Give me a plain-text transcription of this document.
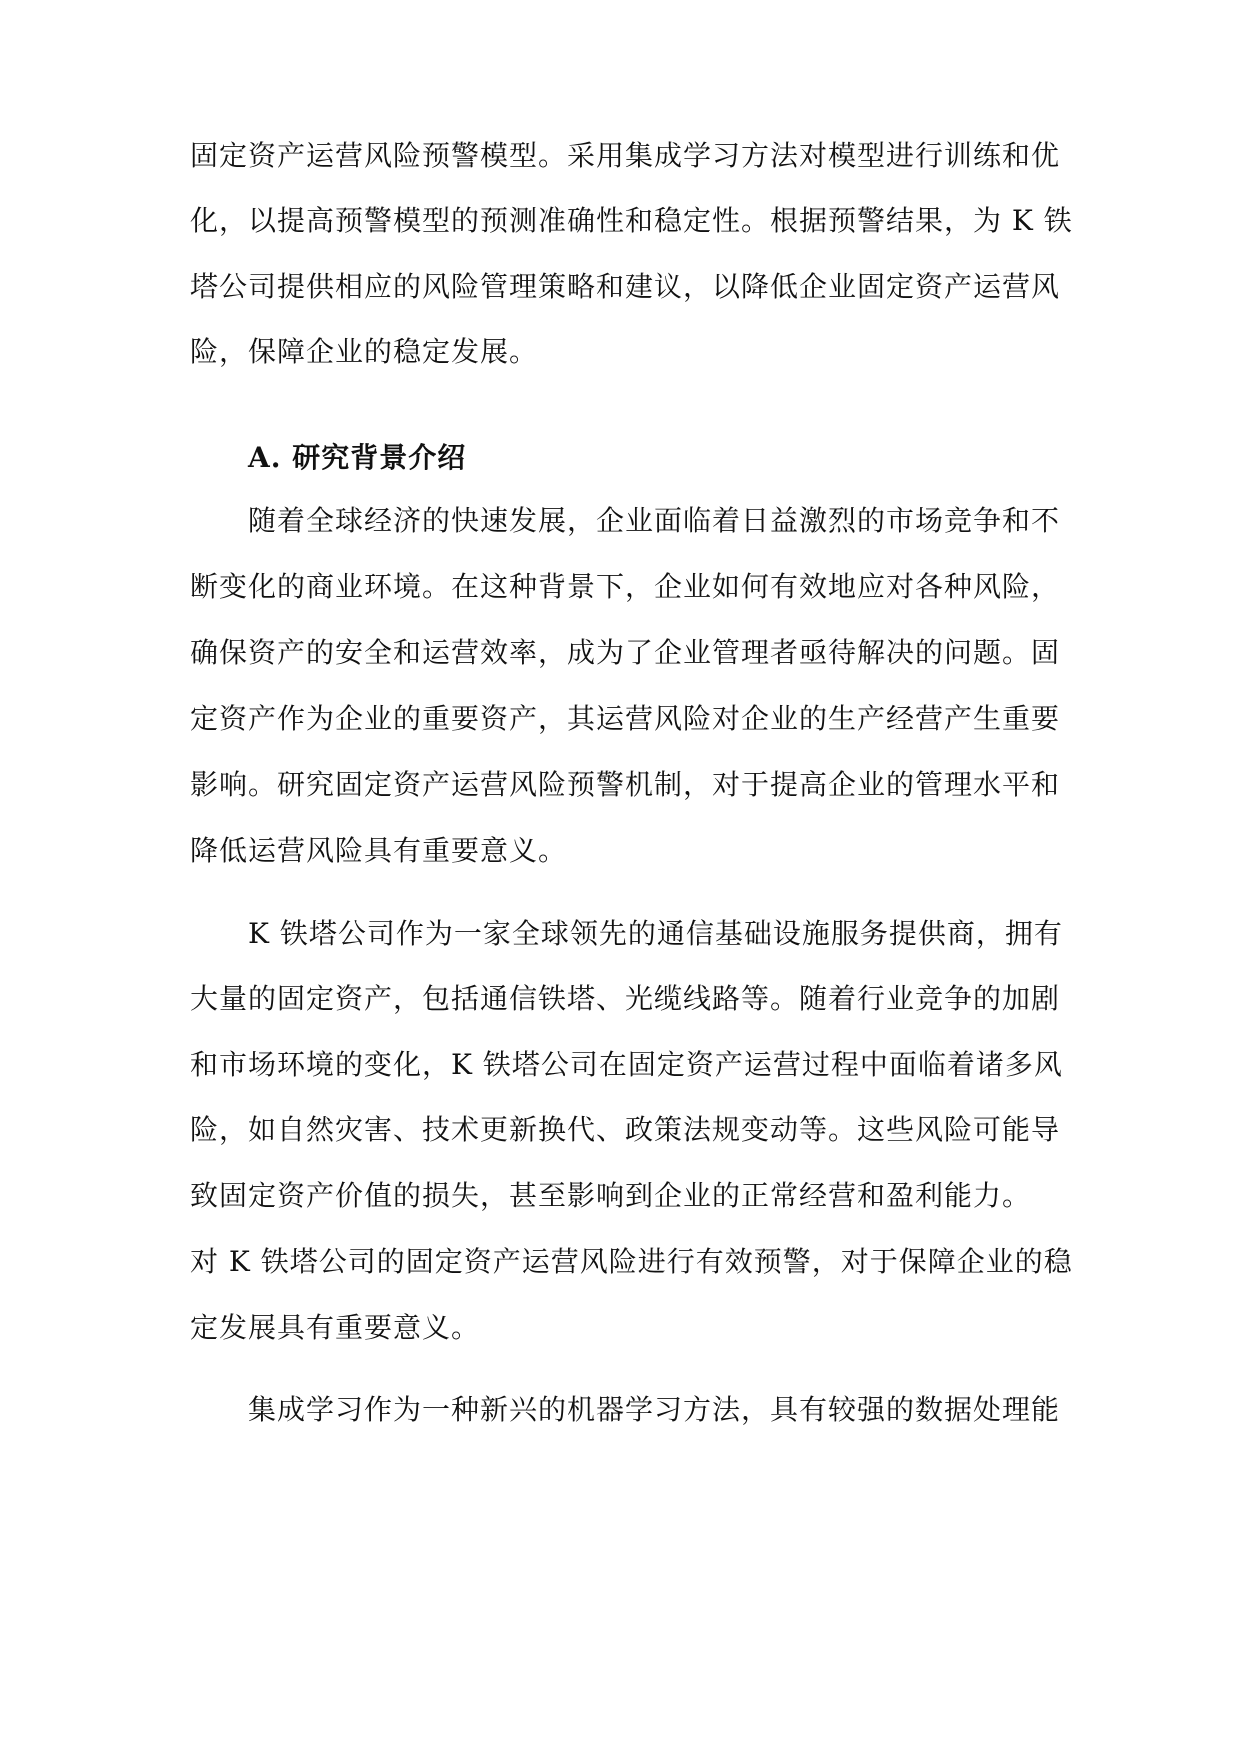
固定资产运营风险预警模型。采用集成学习方法对模型进行训练和优
化，以提高预警模型的预测准确性和稳定性。根据预警结果，为 K 铁
塔公司提供相应的风险管理策略和建议，以降低企业固定资产运营风
险，保障企业的稳定发展。
A. 研究背景介绍
随着全球经济的快速发展，企业面临着日益激烈的市场竞争和不
断变化的商业环境。在这种背景下，企业如何有效地应对各种风险，
确保资产的安全和运营效率，成为了企业管理者亟待解决的问题。固
定资产作为企业的重要资产，其运营风险对企业的生产经营产生重要
影响。研究固定资产运营风险预警机制，对于提高企业的管理水平和
降低运营风险具有重要意义。
K 铁塔公司作为一家全球领先的通信基础设施服务提供商，拥有
大量的固定资产，包括通信铁塔、光缆线路等。随着行业竞争的加剧
和市场环境的变化，K 铁塔公司在固定资产运营过程中面临着诸多风
险，如自然灾害、技术更新换代、政策法规变动等。这些风险可能导
致固定资产价值的损失，甚至影响到企业的正常经营和盈利能力。
对 K 铁塔公司的固定资产运营风险进行有效预警，对于保障企业的稳
定发展具有重要意义。
集成学习作为一种新兴的机器学习方法，具有较强的数据处理能
